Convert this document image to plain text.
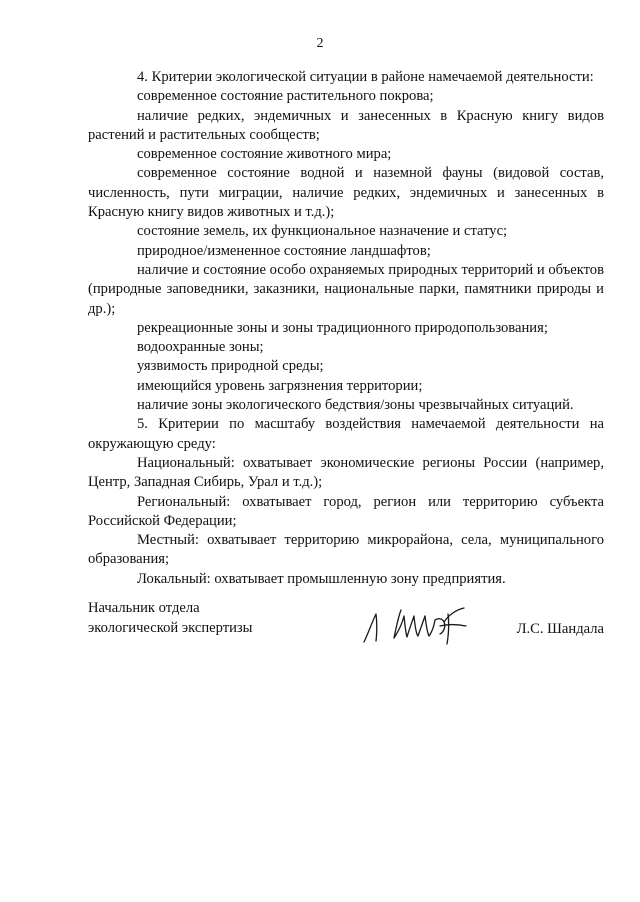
2

4. Критерии экологической ситуации в районе намечаемой деятельности:

современное состояние растительного покрова;

наличие редких, эндемичных и занесенных в Красную книгу видов растений и растительных сообществ;

современное состояние животного мира;

современное состояние водной и наземной фауны (видовой состав, численность, пути миграции, наличие редких, эндемичных и занесенных в Красную книгу видов животных и т.д.);

состояние земель, их функциональное назначение и статус;

природное/измененное состояние ландшафтов;

наличие и состояние особо охраняемых природных территорий и объектов (природные заповедники, заказники, национальные парки, памятники природы и др.);

рекреационные зоны и зоны традиционного природопользования;

водоохранные зоны;

уязвимость природной среды;

имеющийся уровень загрязнения территории;

наличие зоны экологического бедствия/зоны чрезвычайных ситуаций.

5. Критерии по масштабу воздействия намечаемой деятельности на окружающую среду:

Национальный: охватывает экономические регионы России (например, Центр, Западная Сибирь, Урал и т.д.);

Региональный: охватывает город, регион или территорию субъекта Российской Федерации;

Местный: охватывает территорию микрорайона, села, муниципального образования;

Локальный: охватывает промышленную зону предприятия.

Начальник отдела

экологической экспертизы	Л.С. Шандала
